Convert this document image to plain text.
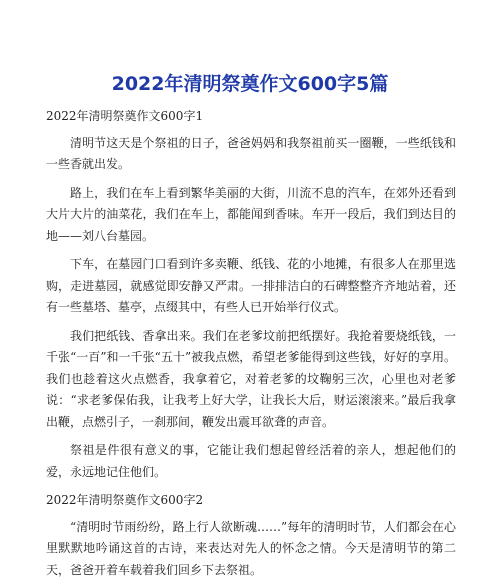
2022年清明祭奠作文600字5篇

2022年清明祭奠作文600字1

清明节这天是个祭祖的日子，爸爸妈妈和我祭祖前买一圈鞭，一些纸钱和一些香就出发。

路上，我们在车上看到繁华美丽的大街，川流不息的汽车，在郊外还看到大片大片的油菜花，我们在车上，都能闻到香味。车开一段后，我们到达目的地——刘八台墓园。

下车，在墓园门口看到许多卖鞭、纸钱、花的小地摊，有很多人在那里选购，走进墓园，就感觉即安静又严肃。一排排洁白的石碑整整齐齐地站着，还有一些墓塔、墓亭，点缀其中，有些人已开始举行仪式。

我们把纸钱、香拿出来。我们在老爹坟前把纸摆好。我抢着要烧纸钱，一千张“一百”和一千张“五十”被我点燃，希望老爹能得到这些钱，好好的享用。我们也趁着这火点燃香，我拿着它，对着老爹的坟鞠躬三次，心里也对老爹说：“求老爹保佑我，让我考上好大学，让我长大后，财运滚滚来。”最后我拿出鞭，点燃引子，一刹那间，鞭发出震耳欲聋的声音。

祭祖是件很有意义的事，它能让我们想起曾经活着的亲人，想起他们的爱，永远地记住他们。

2022年清明祭奠作文600字2

“清明时节雨纷纷，路上行人欲断魂……”每年的清明时节，人们都会在心里默默地吟诵这首的古诗，来表达对先人的怀念之情。今天是清明节的第二天，爸爸开着车载着我们回乡下去祭祖。
